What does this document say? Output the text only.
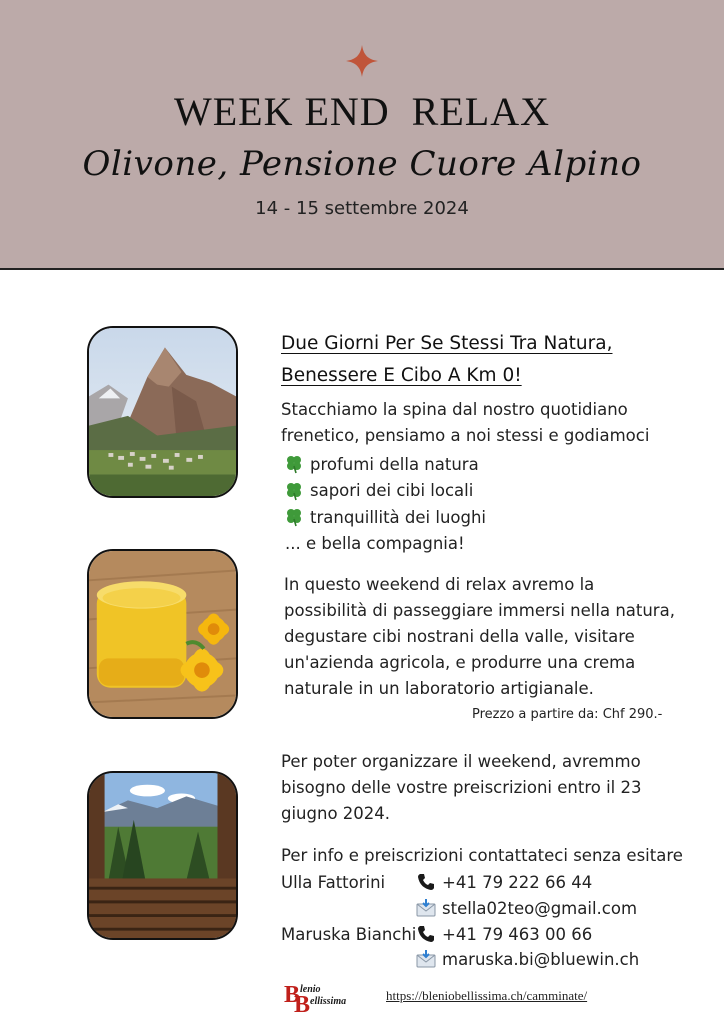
WEEK END  RELAX
Olivone, Pensione Cuore Alpino
14 - 15 settembre 2024
Due Giorni Per Se Stessi Tra Natura,
Benessere E Cibo A Km 0!
Stacchiamo la spina dal nostro quotidiano frenetico, pensiamo a noi stessi e godiamoci
profumi della natura
sapori dei cibi locali
tranquillità dei luoghi
... e bella compagnia!
In questo weekend di relax avremo la possibilità di passeggiare immersi nella natura, degustare cibi nostrani della valle, visitare un'azienda agricola, e produrre una crema naturale in un laboratorio artigianale.
Prezzo a partire da: Chf 290.-
Per poter organizzare il weekend, avremmo bisogno delle vostre preiscrizioni entro il 23 giugno 2024.
Per info e preiscrizioni contattateci senza esitare
Ulla Fattorini	+41 79 222 66 44
stella02teo@gmail.com
Maruska Bianchi +41 79 463 00 66
maruska.bi@bluewin.ch
B
B
lenio
ellissima	https://bleniobellissima.ch/camminate/
